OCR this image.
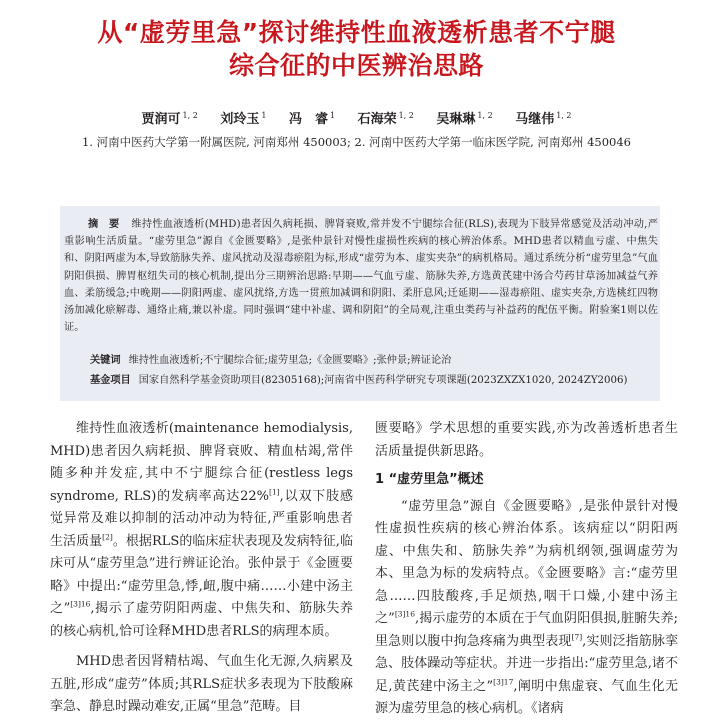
从“虚劳里急”探讨维持性血液透析患者不宁腿
综合征的中医辨治思路
贾润可 $^{1, 2}$ 刘玲玉 $^1$ 冯　睿 $^1$ 石海荣 $^{1, 2}$ 吴琳琳 $^{1, 2}$ 马继伟 $^{1, 2}$
1. 河南中医药大学第一附属医院, 河南郑州 450003; 2. 河南中医药大学第一临床医学院, 河南郑州 450046
摘　要 维持性血液透析(MHD)患者因久病耗损、脾肾衰败,常并发不宁腿综合征(RLS),表现为下肢异常感觉及活动冲动,严重影响生活质量。“虚劳里急”源自《金匮要略》,是张仲景针对慢性虚损性疾病的核心辨治体系。MHD患者以精血亏虚、中焦失和、阴阳两虚为本,导致筋脉失养、虚风扰动及湿毒瘀阻为标,形成“虚劳为本、虚实夹杂”的病机格局。通过系统分析“虚劳里急”气血阴阳俱损、脾胃枢纽失司的核心机制,提出分三期辨治思路:早期——气血亏虚、筋脉失养,方选黄芪建中汤合芍药甘草汤加减益气养血、柔筋缓急;中晚期——阴阳两虚、虚风扰络,方选一贯煎加减调和阴阳、柔肝息风;迁延期——湿毒瘀阻、虚实夹杂,方选桃红四物汤加减化瘀解毒、通络止痛,兼以补虚。同时强调“建中补虚、调和阴阳”的全局观,注重虫类药与补益药的配伍平衡。附验案1则以佐证。
关键词 维持性血液透析;不宁腿综合征;虚劳里急;《金匮要略》;张仲景;辨证论治
基金项目 国家自然科学基金资助项目(82305168);河南省中医药科学研究专项课题(2023ZXZX1020, 2024ZY2006)

维持性血液透析(maintenance hemodialysis, MHD)患者因久病耗损、脾肾衰败、精血枯竭,常伴随多种并发症,其中不宁腿综合征(restless legs syndrome, RLS)的发病率高达22%[1],以双下肢感觉异常及难以抑制的活动冲动为特征,严重影响患者生活质量[2]。根据RLS的临床症状表现及发病特征,临床可从“虚劳里急”进行辨证论治。张仲景于《金匮要略》中提出:“虚劳里急,悸,衄,腹中痛……小建中汤主之”$^{[3]16}$,揭示了虚劳阴阳两虚、中焦失和、筋脉失养的核心病机,恰可诠释MHD患者RLS的病理本质。

MHD患者因肾精枯竭、气血生化无源,久病累及五脏,形成“虚劳”体质;其RLS症状多表现为下肢酸麻挛急、静息时躁动难安,正属“里急”范畴。目

匮要略》学术思想的重要实践,亦为改善透析患者生活质量提供新思路。

1 “虚劳里急”概述

“虚劳里急”源自《金匮要略》,是张仲景针对慢性虚损性疾病的核心辨治体系。该病症以“阴阳两虚、中焦失和、筋脉失养”为病机纲领,强调虚劳为本、里急为标的发病特点。《金匮要略》言:“虚劳里急……四肢酸疼,手足烦热,咽干口燥,小建中汤主之”$^{[3]16}$,揭示虚劳的本质在于气血阴阳俱损,脏腑失养;里急则以腹中拘急疼痛为典型表现[7],实则泛指筋脉挛急、肢体躁动等症状。并进一步指出:“虚劳里急,诸不足,黄芪建中汤主之”$^{[3]17}$,阐明中焦虚衰、气血生化无源为虚劳里急的核心病机。《诸病
